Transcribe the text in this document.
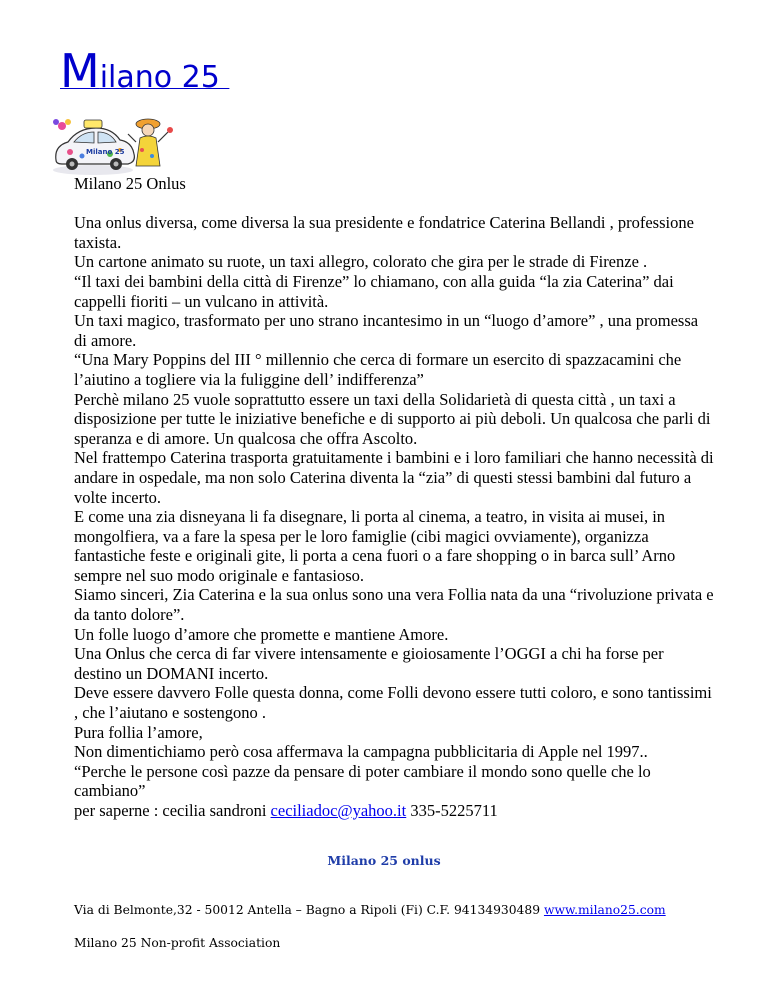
Milano 25
Milano 25

Milano 25 Onlus

Una onlus diversa, come diversa la sua presidente e fondatrice Caterina Bellandi , professione taxista.

Un cartone animato su ruote, un taxi allegro, colorato che gira per le strade di Firenze .

“Il taxi dei bambini della città di Firenze” lo chiamano, con alla guida “la zia Caterina” dai cappelli fioriti – un vulcano in attività.

Un taxi magico, trasformato per uno strano incantesimo in un “luogo d’amore” , una promessa di amore.

“Una Mary Poppins del III ° millennio che cerca di formare un esercito di spazzacamini che l’aiutino a togliere via la fuliggine dell’ indifferenza”

Perchè milano 25 vuole soprattutto essere un taxi della Solidarietà di questa città , un taxi a disposizione per tutte le iniziative benefiche e di supporto ai più deboli. Un qualcosa che parli di speranza e di amore. Un qualcosa che offra Ascolto.

Nel frattempo Caterina trasporta gratuitamente i bambini e i loro familiari che hanno necessità di andare in ospedale, ma non solo Caterina diventa la “zia” di questi stessi bambini dal futuro a volte incerto.

E come una zia disneyana li fa disegnare, li porta al cinema, a teatro, in visita ai musei, in mongolfiera, va a fare la spesa per le loro famiglie (cibi magici ovviamente), organizza fantastiche feste e originali gite, li porta a cena fuori o a fare shopping o in barca sull’ Arno sempre nel suo modo originale e fantasioso.

Siamo sinceri, Zia Caterina e la sua onlus sono una vera Follia nata da una “rivoluzione privata e da tanto dolore”.

Un folle luogo d’amore che promette e mantiene Amore.

Una Onlus che cerca di far vivere intensamente e gioiosamente l’OGGI a chi ha forse per destino un DOMANI incerto.

Deve essere davvero Folle questa donna, come Folli devono essere tutti coloro, e sono tantissimi , che l’aiutano e sostengono .

Pura follia l’amore,

Non dimentichiamo però cosa affermava la campagna pubblicitaria di Apple nel 1997..

“Perche le persone così pazze da pensare di poter cambiare il mondo sono quelle che lo cambiano”

per saperne : cecilia sandroni ceciliadoc@yahoo.it 335-5225711

Milano 25 onlus
Via di Belmonte,32 - 50012 Antella – Bagno a Ripoli (Fi) C.F. 94134930489 www.milano25.com
Milano 25 Non-profit Association
